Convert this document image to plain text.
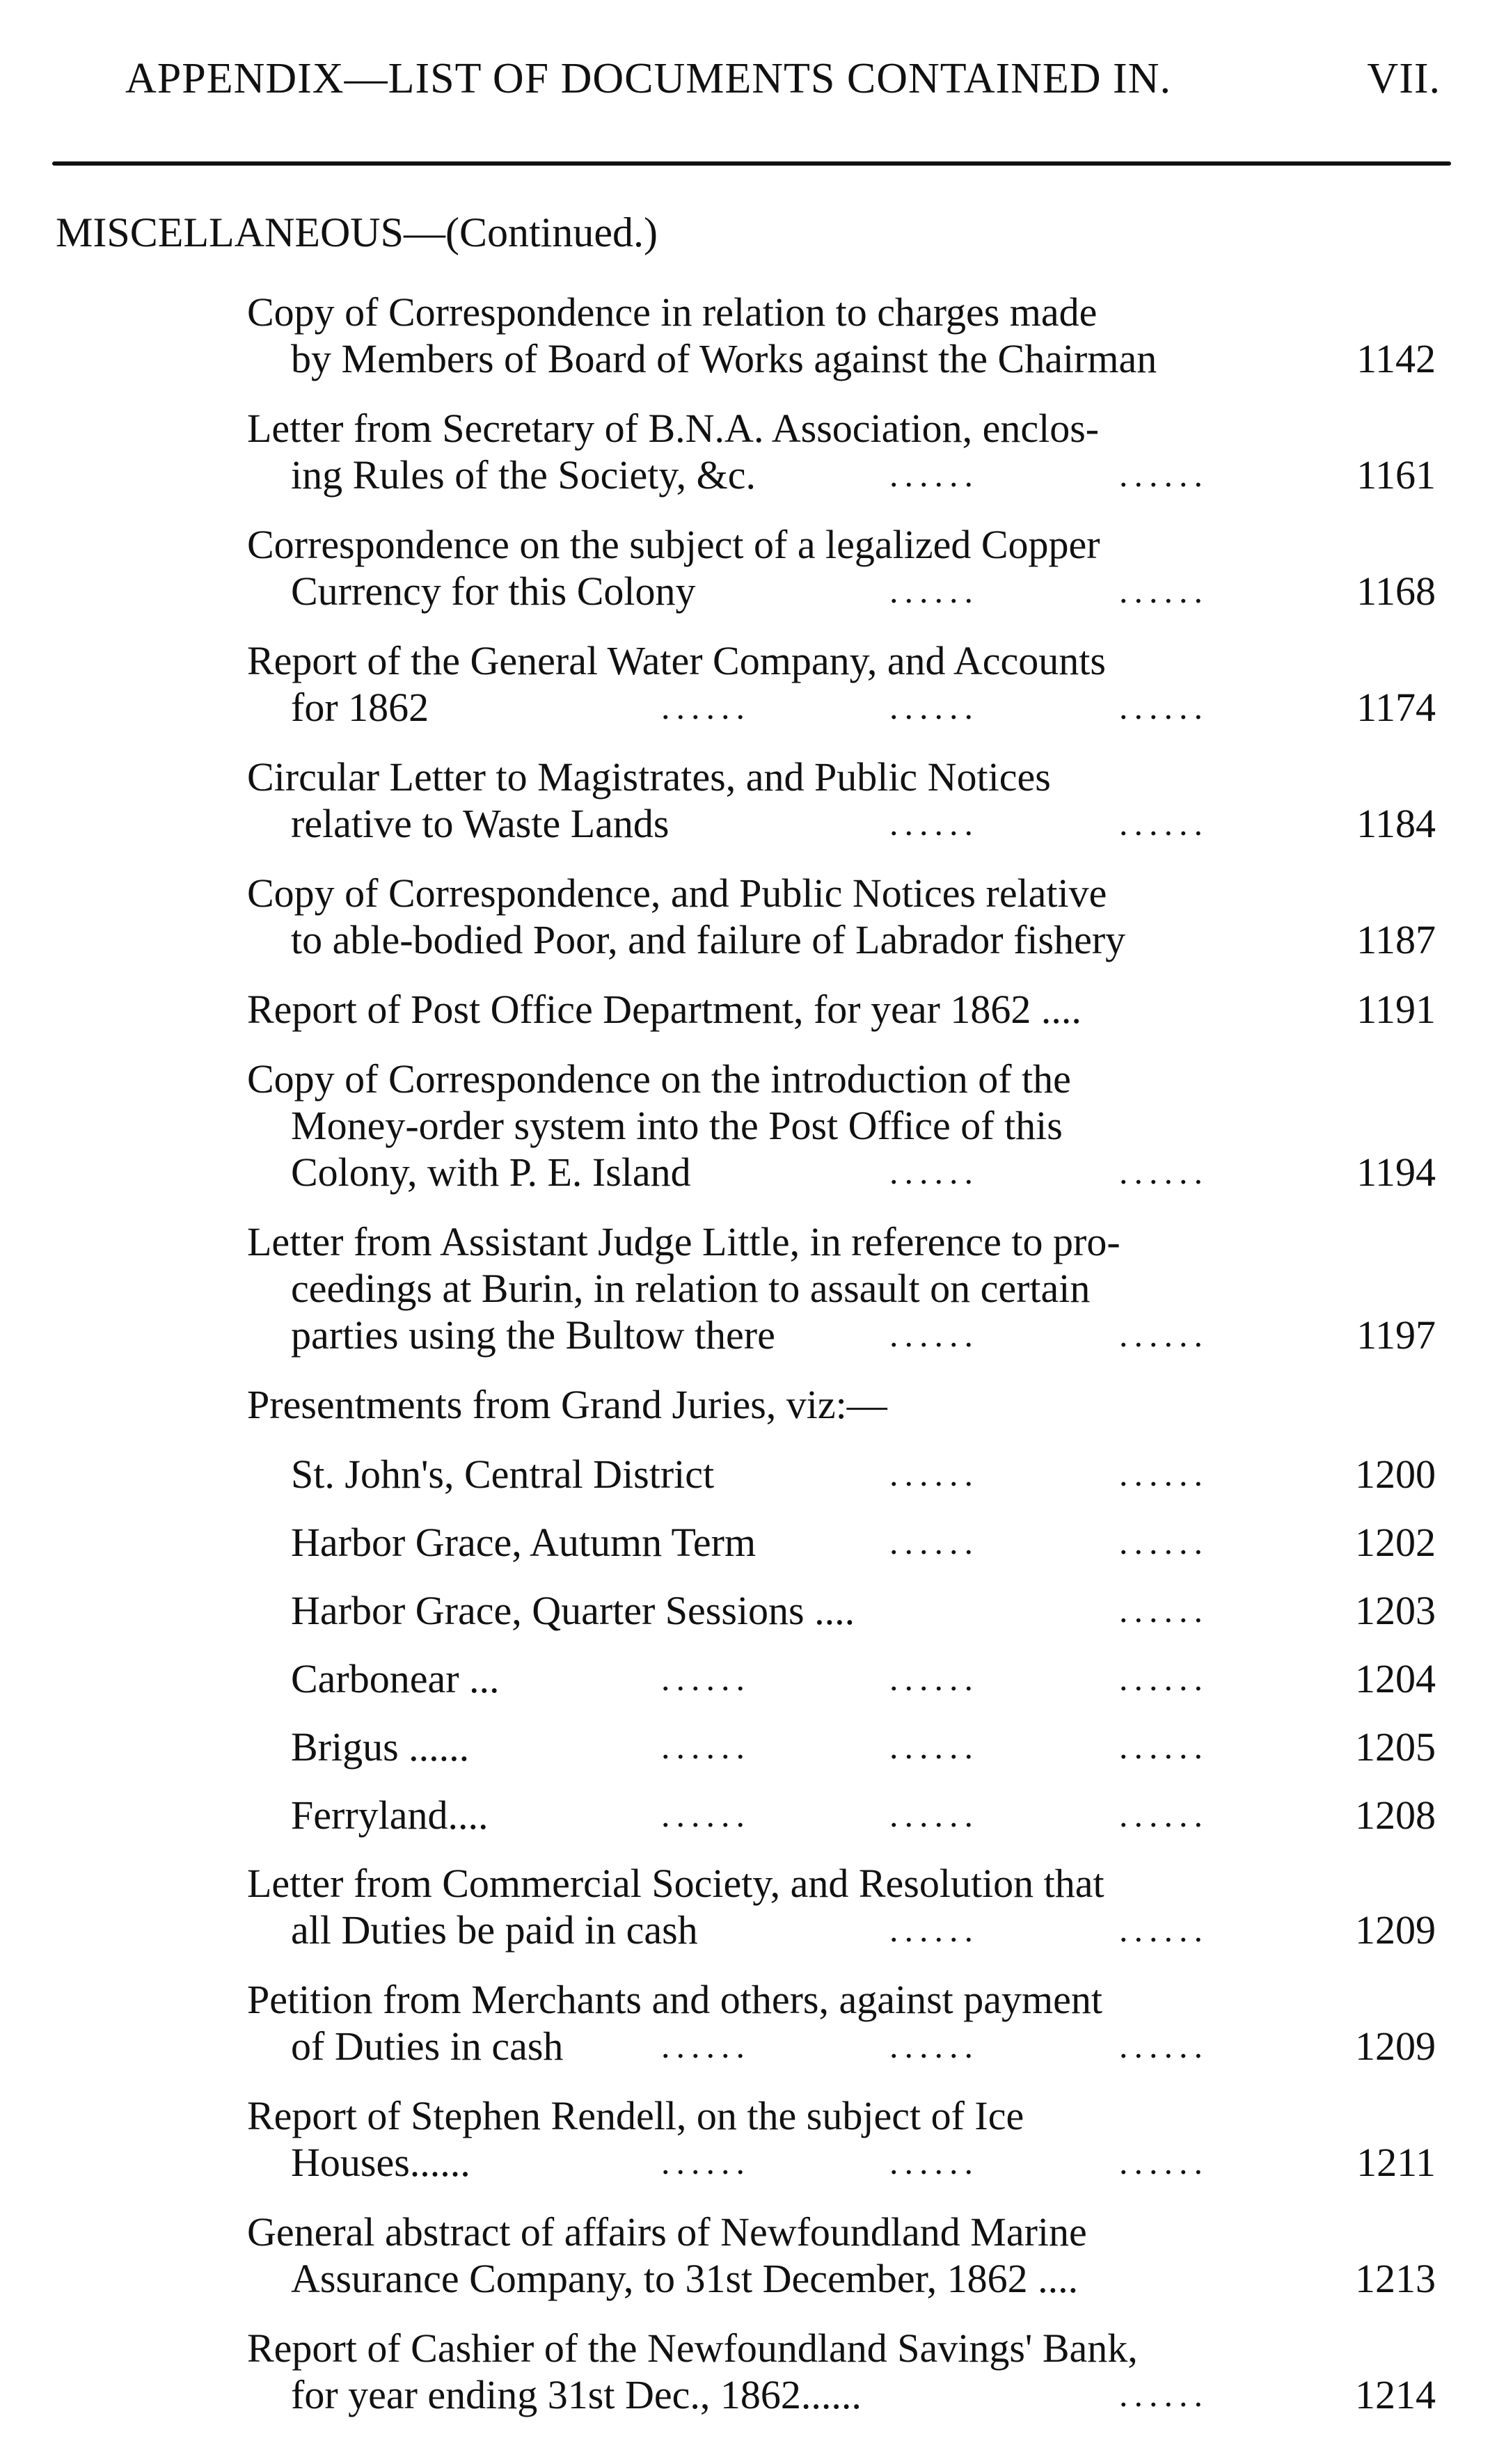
APPENDIX—LIST OF DOCUMENTS CONTAINED IN.	VII.
MISCELLANEOUS—(Continued.)
Copy of Correspondence in relation to charges made
by Members of Board of Works against the Chairman	1142
Letter from Secretary of B.N.A. Association, enclos-
ing Rules of the Society, &c.	......	......	1161
Correspondence on the subject of a legalized Copper
Currency for this Colony	......	......	1168
Report of the General Water Company, and Accounts
for 1862	......	......	......	1174
Circular Letter to Magistrates, and Public Notices
relative to Waste Lands	......	......	1184
Copy of Correspondence, and Public Notices relative
to able-bodied Poor, and failure of Labrador fishery	1187
Report of Post Office Department, for year 1862 ....	1191
Copy of Correspondence on the introduction of the
Money-order system into the Post Office of this
Colony, with P. E. Island	......	......	1194
Letter from Assistant Judge Little, in reference to pro-
ceedings at Burin, in relation to assault on certain
parties using the Bultow there	......	......	1197
Presentments from Grand Juries, viz:—
St. John's, Central District	......	......	1200
Harbor Grace, Autumn Term	......	......	1202
Harbor Grace, Quarter Sessions ....	......	1203
Carbonear ...	......	......	......	1204
Brigus ......	......	......	......	1205
Ferryland....	......	......	......	1208
Letter from Commercial Society, and Resolution that
all Duties be paid in cash	......	......	1209
Petition from Merchants and others, against payment
of Duties in cash	......	......	......	1209
Report of Stephen Rendell, on the subject of Ice
Houses......	......	......	......	1211
General abstract of affairs of Newfoundland Marine
Assurance Company, to 31st December, 1862 ....	1213
Report of Cashier of the Newfoundland Savings' Bank,
for year ending 31st Dec., 1862......	......	1214
